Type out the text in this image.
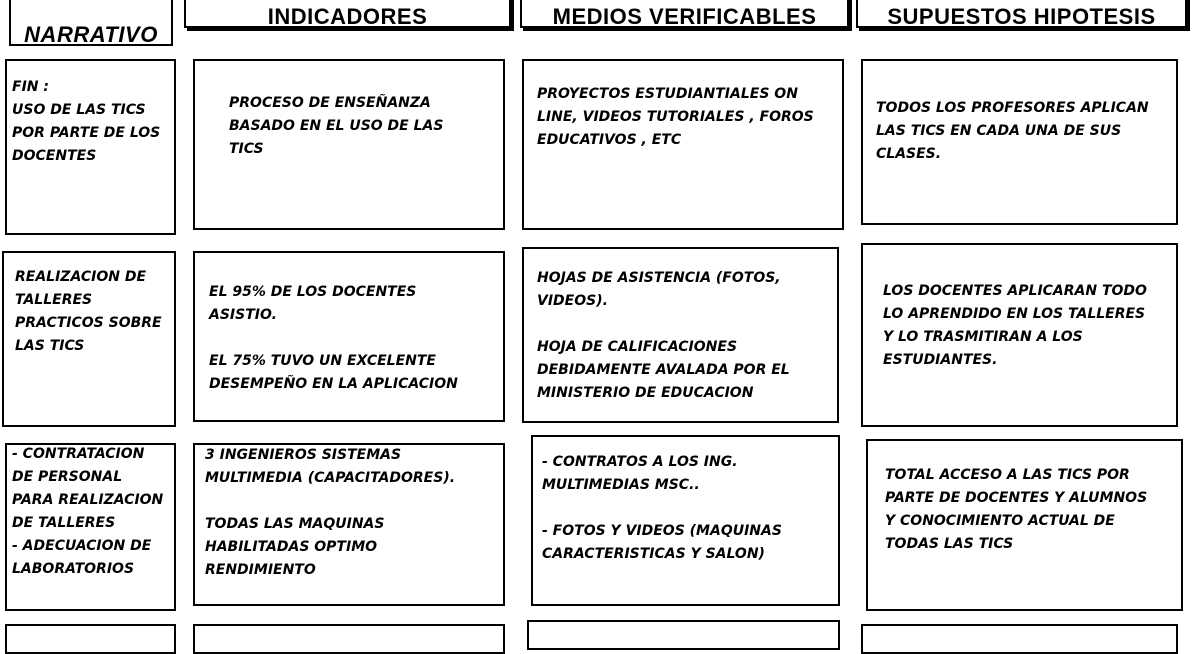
NARRATIVO
INDICADORES	MEDIOS VERIFICABLES	SUPUESTOS HIPOTESIS
FIN :
USO DE LAS TICS
POR PARTE DE LOS
DOCENTES
PROCESO DE ENSEÑANZA
BASADO EN EL USO DE LAS
TICS
PROYECTOS ESTUDIANTIALES ON
LINE, VIDEOS TUTORIALES , FOROS
EDUCATIVOS , ETC
TODOS LOS PROFESORES APLICAN
LAS TICS EN CADA UNA DE SUS
CLASES.
REALIZACION DE
TALLERES
PRACTICOS SOBRE
LAS TICS
EL 95% DE LOS DOCENTES
ASISTIO.

EL 75% TUVO UN EXCELENTE
DESEMPEÑO EN LA APLICACION
HOJAS DE ASISTENCIA (FOTOS,
VIDEOS).

HOJA DE CALIFICACIONES
DEBIDAMENTE AVALADA POR EL
MINISTERIO DE EDUCACION
LOS DOCENTES APLICARAN TODO
LO APRENDIDO EN LOS TALLERES
Y LO TRASMITIRAN A LOS
ESTUDIANTES.
- CONTRATACION
DE PERSONAL
PARA REALIZACION
DE TALLERES
- ADECUACION DE
LABORATORIOS
3 INGENIEROS SISTEMAS
MULTIMEDIA (CAPACITADORES).

TODAS LAS MAQUINAS
HABILITADAS OPTIMO
RENDIMIENTO
- CONTRATOS A LOS ING.
MULTIMEDIAS MSC..

- FOTOS Y VIDEOS (MAQUINAS
CARACTERISTICAS Y SALON)
TOTAL ACCESO A LAS TICS POR
PARTE DE DOCENTES Y ALUMNOS
Y CONOCIMIENTO ACTUAL DE
TODAS LAS TICS
